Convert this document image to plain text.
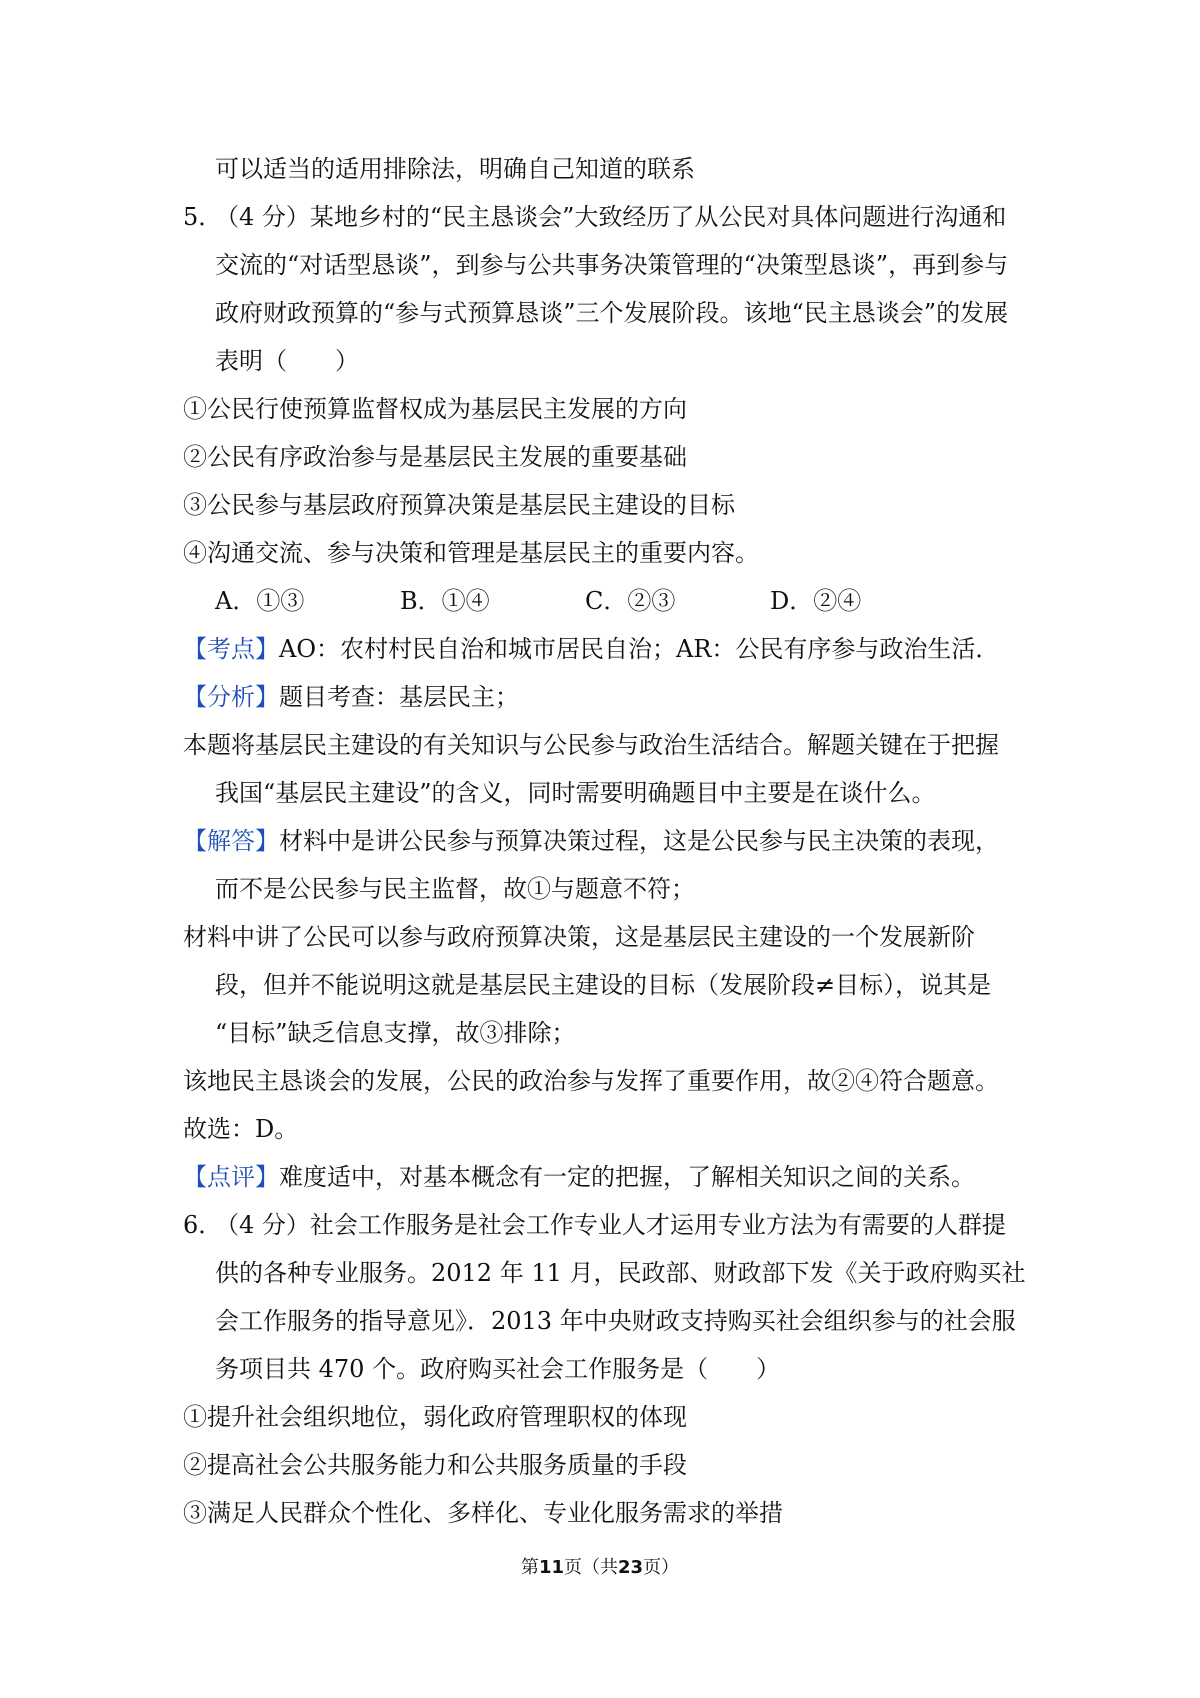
可以适当的适用排除法，明确自己知道的联系
5．（4 分）某地乡村的“民主恳谈会”大致经历了从公民对具体问题进行沟通和
交流的“对话型恳谈”，到参与公共事务决策管理的“决策型恳谈”，再到参与
政府财政预算的“参与式预算恳谈”三个发展阶段。该地“民主恳谈会”的发展
表明（　　）
①公民行使预算监督权成为基层民主发展的方向
②公民有序政治参与是基层民主发展的重要基础
③公民参与基层政府预算决策是基层民主建设的目标
④沟通交流、参与决策和管理是基层民主的重要内容。
A．①③	B．①④	C．②③	D．②④
【考点】AO：农村村民自治和城市居民自治；AR：公民有序参与政治生活．
【分析】题目考查：基层民主；
本题将基层民主建设的有关知识与公民参与政治生活结合。解题关键在于把握
我国“基层民主建设”的含义，同时需要明确题目中主要是在谈什么。
【解答】材料中是讲公民参与预算决策过程，这是公民参与民主决策的表现，
而不是公民参与民主监督，故①与题意不符；
材料中讲了公民可以参与政府预算决策，这是基层民主建设的一个发展新阶
段，但并不能说明这就是基层民主建设的目标（发展阶段≠目标），说其是
“目标”缺乏信息支撑，故③排除；
该地民主恳谈会的发展，公民的政治参与发挥了重要作用，故②④符合题意。
故选：D。
【点评】难度适中，对基本概念有一定的把握，了解相关知识之间的关系。
6．（4 分）社会工作服务是社会工作专业人才运用专业方法为有需要的人群提
供的各种专业服务。2012 年 11 月，民政部、财政部下发《关于政府购买社
会工作服务的指导意见》．2013 年中央财政支持购买社会组织参与的社会服
务项目共 470 个。政府购买社会工作服务是（　　）
①提升社会组织地位，弱化政府管理职权的体现
②提高社会公共服务能力和公共服务质量的手段
③满足人民群众个性化、多样化、专业化服务需求的举措
第11页（共23页）
